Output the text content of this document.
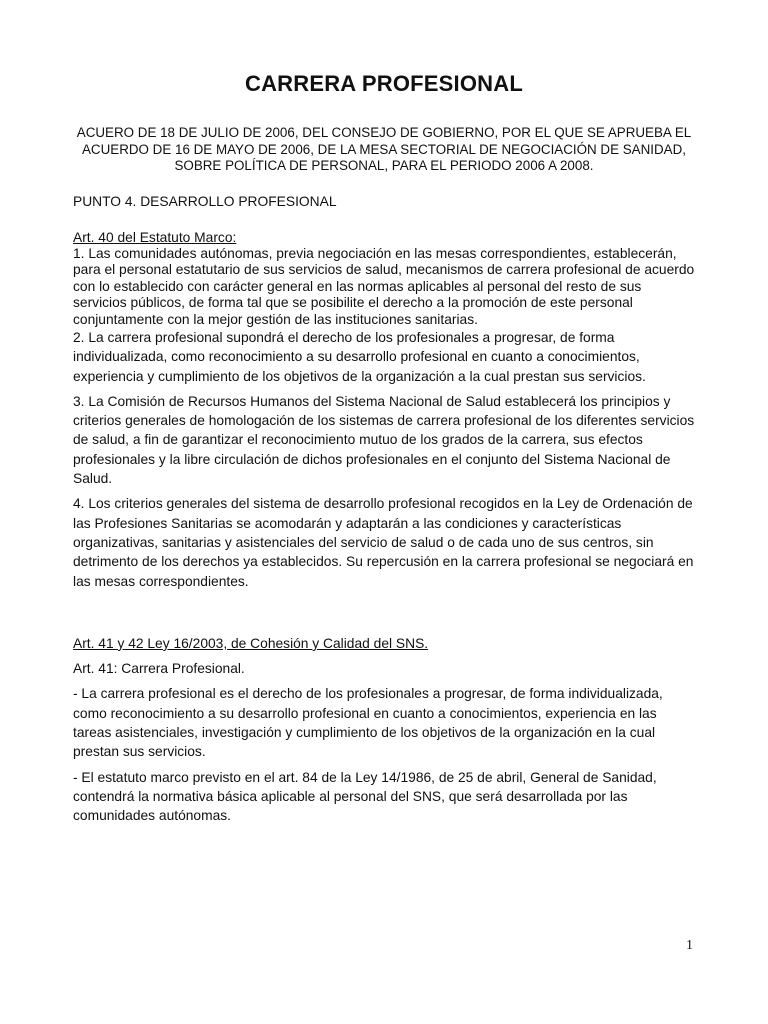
CARRERA PROFESIONAL

ACUERO DE 18 DE JULIO DE 2006, DEL CONSEJO DE GOBIERNO, POR EL QUE SE APRUEBA EL ACUERDO DE 16 DE MAYO DE 2006, DE LA MESA SECTORIAL DE NEGOCIACIÓN DE SANIDAD, SOBRE POLÍTICA DE PERSONAL, PARA EL PERIODO 2006 A 2008.

PUNTO 4. DESARROLLO PROFESIONAL

Art. 40 del Estatuto Marco:

1. Las comunidades autónomas, previa negociación en las mesas correspondientes, establecerán, para el personal estatutario de sus servicios de salud, mecanismos de carrera profesional de acuerdo con lo establecido con carácter general en las normas aplicables al personal del resto de sus servicios públicos, de forma tal que se posibilite el derecho a la promoción de este personal conjuntamente con la mejor gestión de las instituciones sanitarias.

2. La carrera profesional supondrá el derecho de los profesionales a progresar, de forma individualizada, como reconocimiento a su desarrollo profesional en cuanto a conocimientos, experiencia y cumplimiento de los objetivos de la organización a la cual prestan sus servicios.

3. La Comisión de Recursos Humanos del Sistema Nacional de Salud establecerá los principios y criterios generales de homologación de los sistemas de carrera profesional de los diferentes servicios de salud, a fin de garantizar el reconocimiento mutuo de los grados de la carrera, sus efectos profesionales y la libre circulación de dichos profesionales en el conjunto del Sistema Nacional de Salud.

4. Los criterios generales del sistema de desarrollo profesional recogidos en la Ley de Ordenación de las Profesiones Sanitarias se acomodarán y adaptarán a las condiciones y características organizativas, sanitarias y asistenciales del servicio de salud o de cada uno de sus centros, sin detrimento de los derechos ya establecidos. Su repercusión en la carrera profesional se negociará en las mesas correspondientes.

Art. 41 y 42 Ley 16/2003, de Cohesión y Calidad del SNS.

Art. 41: Carrera Profesional.

- La carrera profesional es el derecho de los profesionales a progresar, de forma individualizada, como reconocimiento a su desarrollo profesional en cuanto a conocimientos, experiencia en las tareas asistenciales, investigación y cumplimiento de los objetivos de la organización en la cual prestan sus servicios.

- El estatuto marco previsto en el art. 84 de la Ley 14/1986, de 25 de abril, General de Sanidad, contendrá la normativa básica aplicable al personal del SNS, que será desarrollada por las comunidades autónomas.

1
